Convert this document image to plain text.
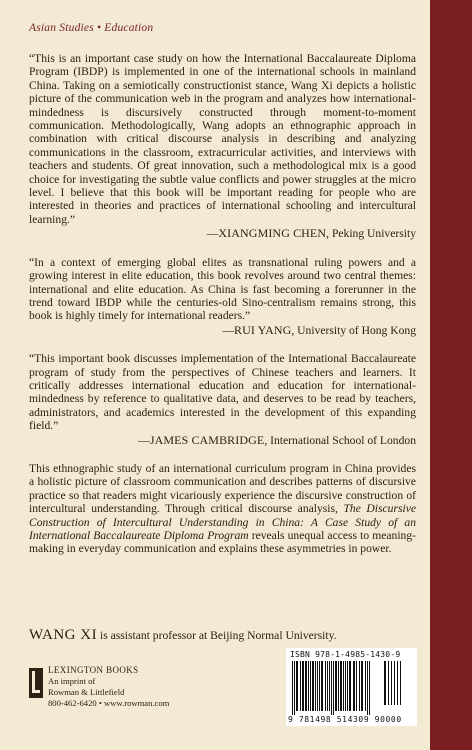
Asian Studies • Education

“This is an important case study on how the International Baccalaureate Diploma Program (IBDP) is implemented in one of the international schools in mainland China. Taking on a semiotically constructionist stance, Wang Xi depicts a holistic picture of the communication web in the program and analyzes how international-mindedness is discursively constructed through moment-to-moment communication. Methodologically, Wang adopts an ethnographic approach in combination with critical discourse analysis in describing and analyzing communications in the classroom, extracurricular activities, and interviews with teachers and students. Of great innovation, such a methodological mix is a good choice for investigating the subtle value conflicts and power struggles at the micro level. I believe that this book will be important reading for people who are interested in theories and practices of international schooling and intercultural learning.”

—XIANGMING CHEN, Peking University

“In a context of emerging global elites as transnational ruling powers and a growing interest in elite education, this book revolves around two central themes: international and elite education. As China is fast becoming a forerunner in the trend toward IBDP while the centuries-old Sino-centralism remains strong, this book is highly timely for international readers.”

—RUI YANG, University of Hong Kong

“This important book discusses implementation of the International Baccalaureate program of study from the perspectives of Chinese teachers and learners. It critically addresses international education and education for international-mindedness by reference to qualitative data, and deserves to be read by teachers, administrators, and academics interested in the development of this expanding field.”

—JAMES CAMBRIDGE, International School of London

This ethnographic study of an international curriculum program in China provides a holistic picture of classroom communication and describes patterns of discursive practice so that readers might vicariously experience the discursive construction of intercultural understanding. Through critical discourse analysis, The Discursive Construction of Intercultural Understanding in China: A Case Study of an International Baccalaureate Diploma Program reveals unequal access to meaning-making in everyday communication and explains these asymmetries in power.

WANG XI is assistant professor at Beijing Normal University.
LEXINGTON BOOKS
An imprint of
Rowman & Littlefield
800-462-6420 • www.rowman.com
ISBN 978-1-4985-1430-9
9 781498 514309 90000
